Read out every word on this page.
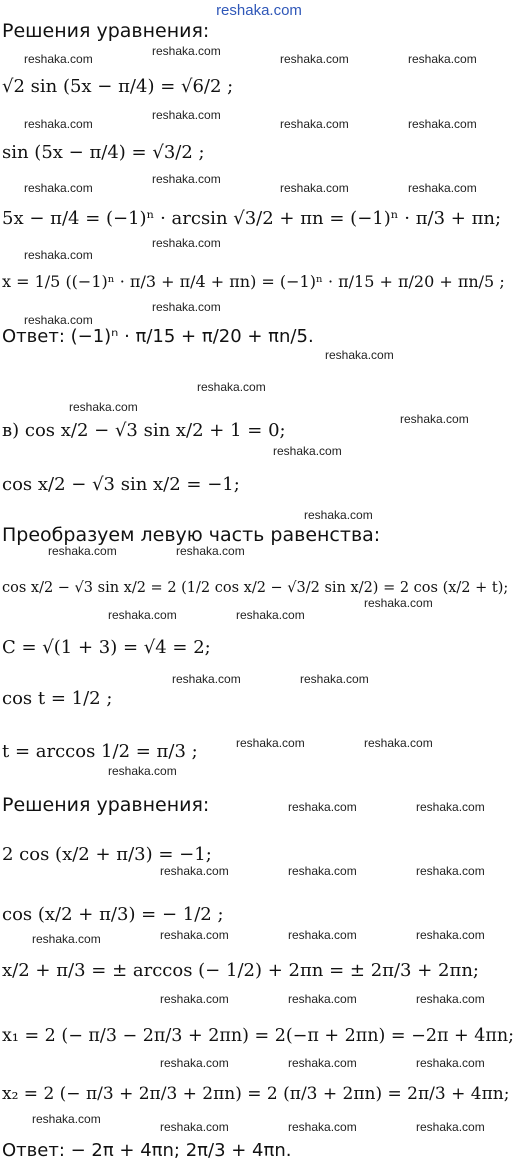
reshaka.com
Решения уравнения:
√2 sin (5x − π/4) = √6/2 ;
sin (5x − π/4) = √3/2 ;
5x − π/4 = (−1)ⁿ · arcsin √3/2 + πn = (−1)ⁿ · π/3 + πn;
x = 1/5 ((−1)ⁿ · π/3 + π/4 + πn) = (−1)ⁿ · π/15 + π/20 + πn/5 ;
Ответ: (−1)ⁿ · π/15 + π/20 + πn/5.
в) cos x/2 − √3 sin x/2 + 1 = 0;
cos x/2 − √3 sin x/2 = −1;
Преобразуем левую часть равенства:
cos x/2 − √3 sin x/2 = 2 (1/2 cos x/2 − √3/2 sin x/2) = 2 cos (x/2 + t);
C = √(1 + 3) = √4 = 2;
cos t = 1/2 ;
t = arccos 1/2 = π/3 ;
Решения уравнения:
2 cos (x/2 + π/3) = −1;
cos (x/2 + π/3) = − 1/2 ;
x/2 + π/3 = ± arccos (− 1/2) + 2πn = ± 2π/3 + 2πn;
x₁ = 2 (− π/3 − 2π/3 + 2πn) = 2(−π + 2πn) = −2π + 4πn;
x₂ = 2 (− π/3 + 2π/3 + 2πn) = 2 (π/3 + 2πn) = 2π/3 + 4πn;
Ответ: − 2π + 4πn; 2π/3 + 4πn.
reshaka.com
reshaka.com	reshaka.com	reshaka.com
reshaka.com
reshaka.com	reshaka.com	reshaka.com
reshaka.com
reshaka.com	reshaka.com	reshaka.com
reshaka.com
reshaka.com
reshaka.com
reshaka.com
reshaka.com
reshaka.com
reshaka.com
reshaka.com
reshaka.com
reshaka.com
reshaka.com	reshaka.com
reshaka.com
reshaka.com	reshaka.com
reshaka.com	reshaka.com
reshaka.com	reshaka.com
reshaka.com
reshaka.com	reshaka.com
reshaka.com	reshaka.com	reshaka.com
reshaka.com	reshaka.com	reshaka.com	reshaka.com
reshaka.com	reshaka.com	reshaka.com
reshaka.com	reshaka.com	reshaka.com
reshaka.com
reshaka.com	reshaka.com	reshaka.com
